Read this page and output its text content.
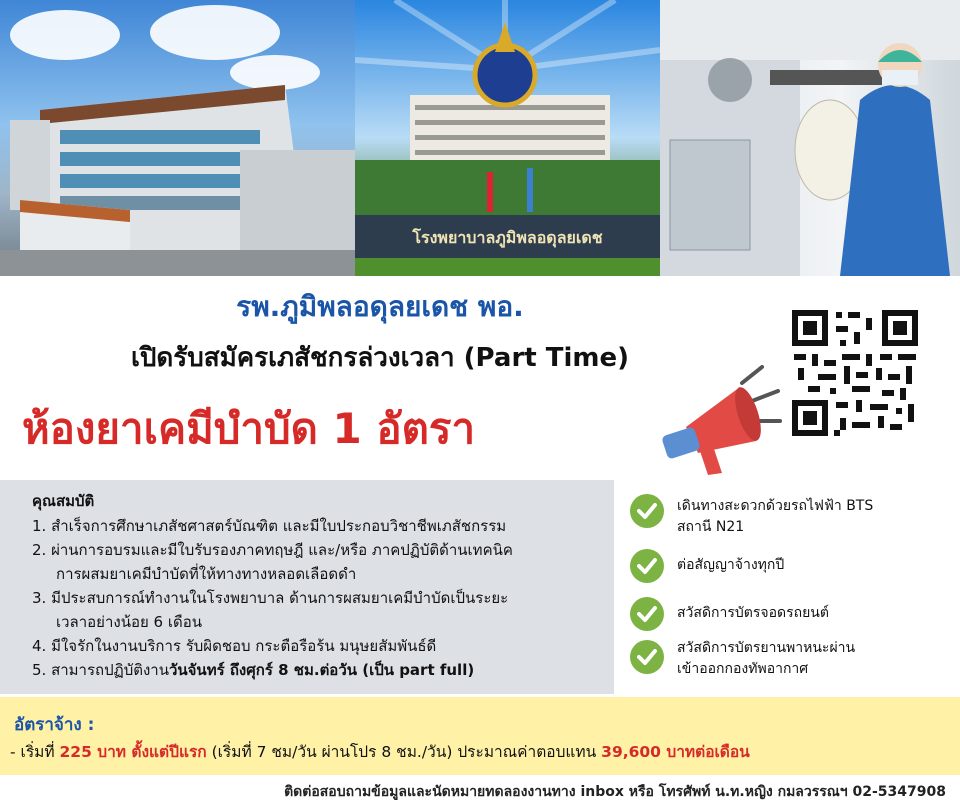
โรงพยาบาลภูมิพลอดุลยเดช
รพ.ภูมิพลอดุลยเดช พอ.
เปิดรับสมัครเภสัชกรล่วงเวลา (Part Time)
ห้องยาเคมีบำบัด 1 อัตรา
คุณสมบัติ
1. สำเร็จการศึกษาเภสัชศาสตร์บัณฑิต และมีใบประกอบวิชาชีพเภสัชกรรม
2. ผ่านการอบรมและมีใบรับรองภาคทฤษฎี และ/หรือ ภาคปฏิบัติด้านเทคนิค
การผสมยาเคมีบำบัดที่ให้ทางทางหลอดเลือดดำ
3. มีประสบการณ์ทำงานในโรงพยาบาล ด้านการผสมยาเคมีบำบัดเป็นระยะ
เวลาอย่างน้อย 6 เดือน
4. มีใจรักในงานบริการ รับผิดชอบ กระตือรือร้น มนุษยสัมพันธ์ดี
5. สามารถปฏิบัติงานวันจันทร์ ถึงศุกร์ 8 ชม.ต่อวัน (เป็น part full)
เดินทางสะดวกด้วยรถไฟฟ้า BTS
สถานี N21
ต่อสัญญาจ้างทุกปี
สวัสดิการบัตรจอดรถยนต์
สวัสดิการบัตรยานพาหนะผ่าน
เข้าออกกองทัพอากาศ
อัตราจ้าง :
- เริ่มที่ 225 บาท ตั้งแต่ปีแรก (เริ่มที่ 7 ชม/วัน ผ่านโปร 8 ชม./วัน) ประมาณค่าตอบแทน 39,600 บาทต่อเดือน
ติดต่อสอบถามข้อมูลและนัดหมายทดลองงานทาง inbox หรือ โทรศัพท์ น.ท.หญิง กมลวรรณฯ 02-5347908
